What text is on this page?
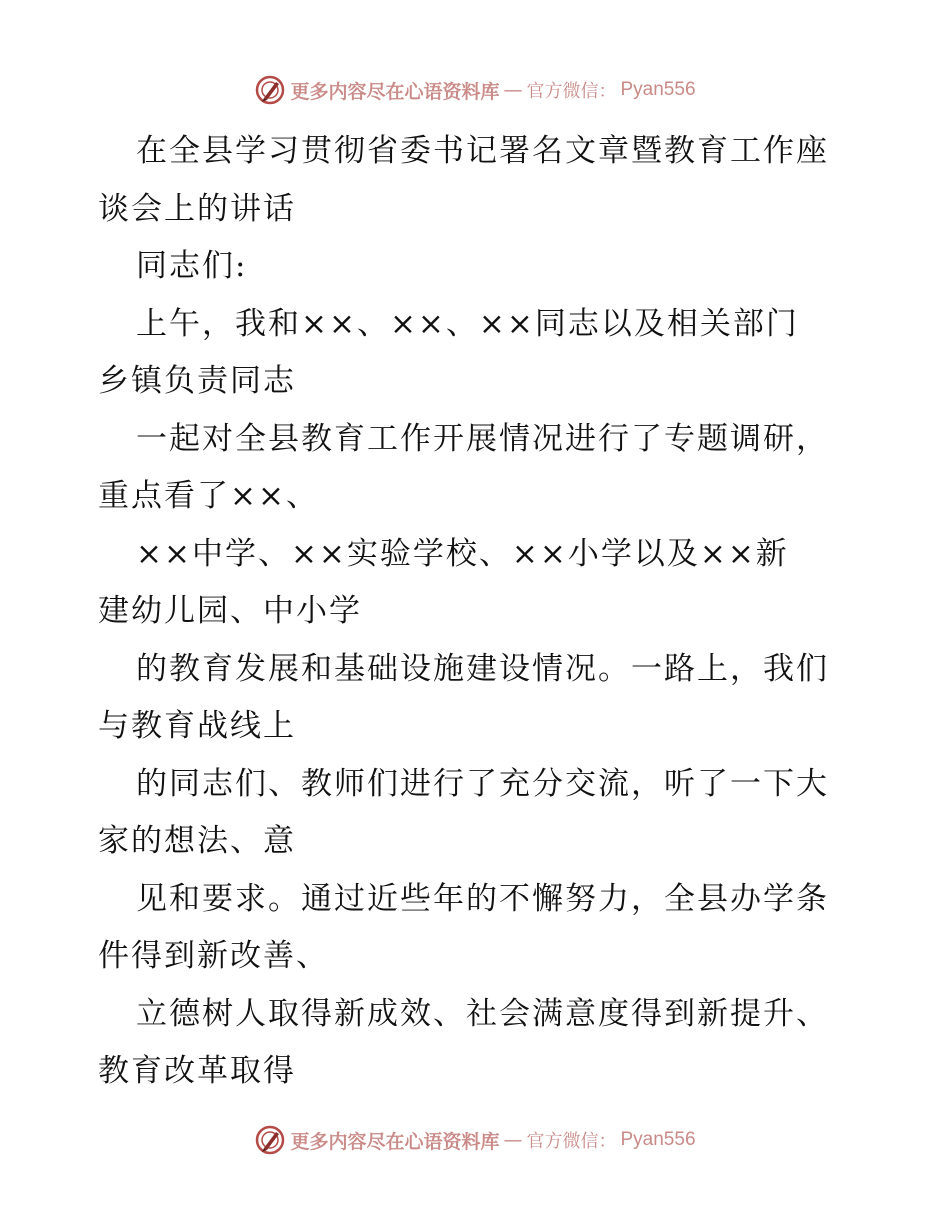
更多内容尽在心语资料库 — 官方微信： Pyan556
在全县学习贯彻省委书记署名文章暨教育工作座
谈会上的讲话
同志们:
上午，我和××、××、××同志以及相关部门
乡镇负责同志
一起对全县教育工作开展情况进行了专题调研，
重点看了××、
××中学、××实验学校、××小学以及××新
建幼儿园、中小学
的教育发展和基础设施建设情况。一路上，我们
与教育战线上
的同志们、教师们进行了充分交流，听了一下大
家的想法、意
见和要求。通过近些年的不懈努力，全县办学条
件得到新改善、
立德树人取得新成效、社会满意度得到新提升、
教育改革取得
更多内容尽在心语资料库 — 官方微信： Pyan556
